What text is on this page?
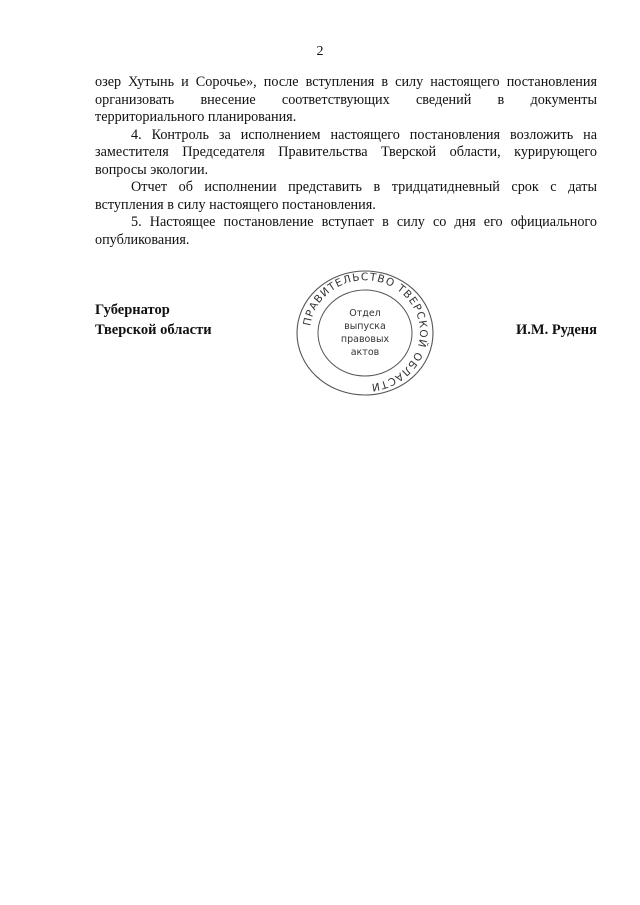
2

озер Хутынь и Сорочье», после вступления в силу настоящего постановления

организовать внесение соответствующих сведений в документы

территориального планирования.

4. Контроль за исполнением настоящего постановления возложить на заместителя Председателя Правительства Тверской области, курирующего вопросы экологии.

Отчет об исполнении представить в тридцатидневный срок с даты вступления в силу настоящего постановления.

5. Настоящее постановление вступает в силу со дня его официального опубликования.

Губернатор
Тверской области
ПРАВИТЕЛЬСТВО ТВЕРСКОЙ ОБЛАСТИ
Отдел
выпуска
правовых
актов
И.М. Руденя
